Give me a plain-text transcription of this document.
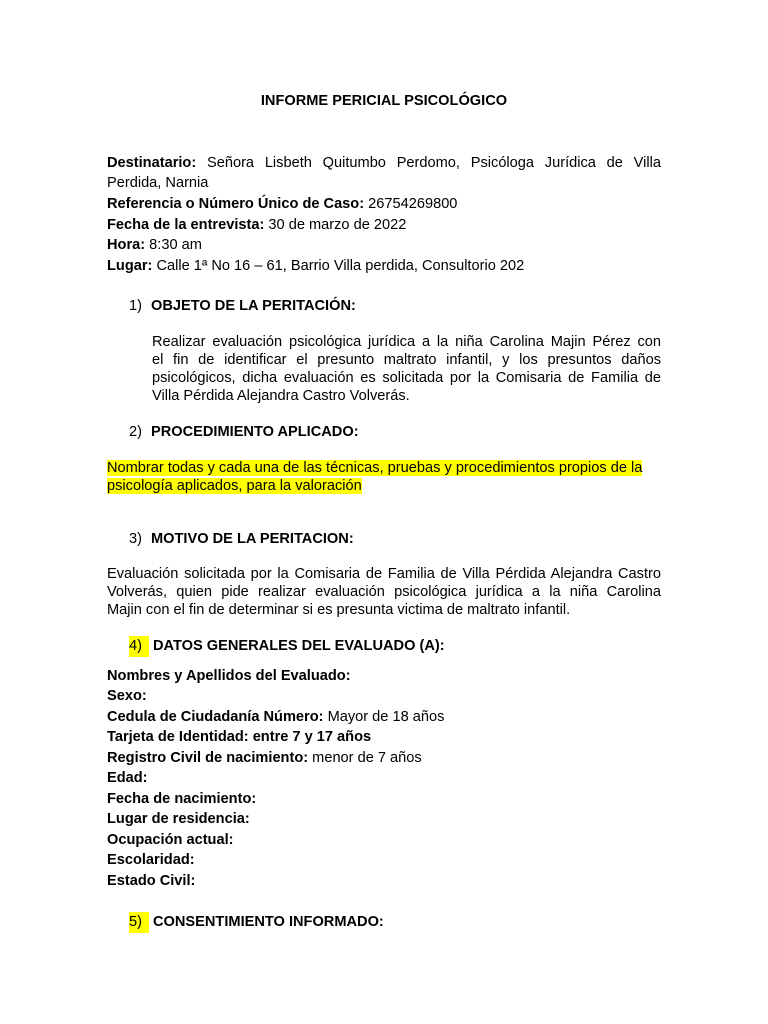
INFORME PERICIAL PSICOLÓGICO
Destinatario: Señora Lisbeth Quitumbo Perdomo, Psicóloga Jurídica de Villa
Perdida, Narnia
Referencia o Número Único de Caso: 26754269800
Fecha de la entrevista: 30 de marzo de 2022
Hora: 8:30 am
Lugar: Calle 1ª No 16 – 61, Barrio Villa perdida, Consultorio 202
1) OBJETO DE LA PERITACIÓN:
Realizar evaluación psicológica jurídica a la niña Carolina Majin Pérez con
el fin de identificar el presunto maltrato infantil, y los presuntos daños
psicológicos, dicha evaluación es solicitada por la Comisaria de Familia de
Villa Pérdida Alejandra Castro Volverás.
2) PROCEDIMIENTO APLICADO:
Nombrar todas y cada una de las técnicas, pruebas y procedimientos propios de la
psicología aplicados, para la valoración
3) MOTIVO DE LA PERITACION:
Evaluación solicitada por la Comisaria de Familia de Villa Pérdida Alejandra Castro
Volverás, quien pide realizar evaluación psicológica jurídica a la niña Carolina
Majin con el fin de determinar si es presunta victima de maltrato infantil.
4) DATOS GENERALES DEL EVALUADO (A):
Nombres y Apellidos del Evaluado:
Sexo:
Cedula de Ciudadanía Número: Mayor de 18 años
Tarjeta de Identidad: entre 7 y 17 años
Registro Civil de nacimiento: menor de 7 años
Edad:
Fecha de nacimiento:
Lugar de residencia:
Ocupación actual:
Escolaridad:
Estado Civil:
5) CONSENTIMIENTO INFORMADO:
